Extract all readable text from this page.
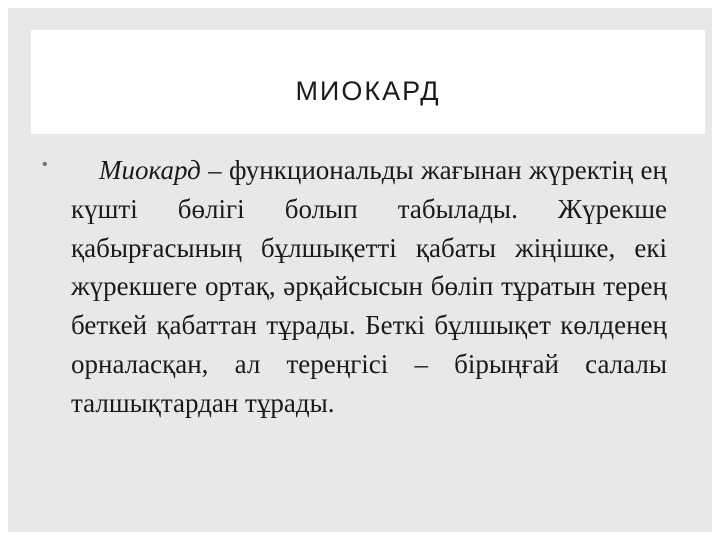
МИОКАРД
•	Миокард – функциональды жағынан жүректің ең күшті бөлігі болып табылады. Жүрекше қабырғасының бұлшықетті қабаты жіңішке, екі жүрекшеге ортақ, әрқайсысын бөліп тұратын терең беткей қабаттан тұрады. Беткі бұлшықет көлденең орналасқан, ал тереңгісі – бірыңғай салалы талшықтардан тұрады.
